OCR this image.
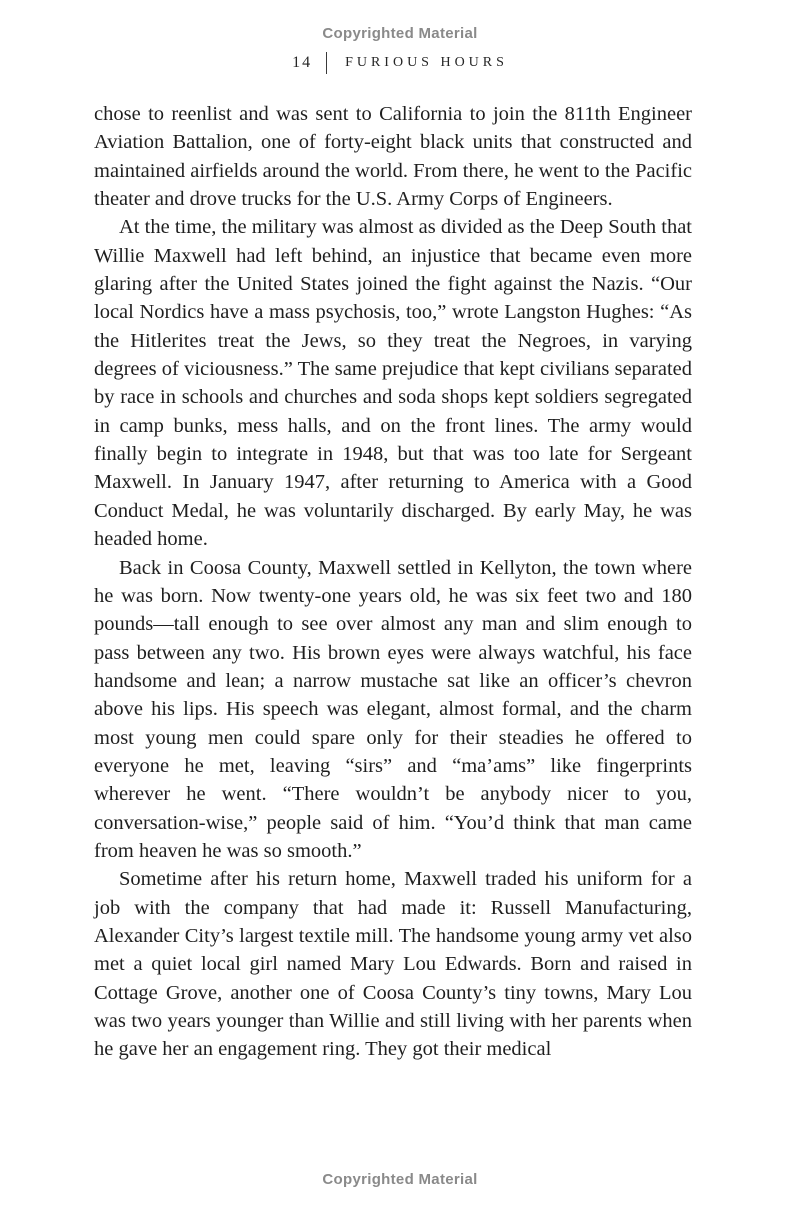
Copyrighted Material
14 FURIOUS HOURS

chose to reenlist and was sent to California to join the 811th Engineer Aviation Battalion, one of forty-eight black units that constructed and maintained airfields around the world. From there, he went to the Pacific theater and drove trucks for the U.S. Army Corps of Engineers.

At the time, the military was almost as divided as the Deep South that Willie Maxwell had left behind, an injustice that became even more glaring after the United States joined the fight against the Nazis. “Our local Nordics have a mass psychosis, too,” wrote Langston Hughes: “As the Hitlerites treat the Jews, so they treat the Negroes, in varying degrees of viciousness.” The same prejudice that kept civilians separated by race in schools and churches and soda shops kept soldiers segregated in camp bunks, mess halls, and on the front lines. The army would finally begin to integrate in 1948, but that was too late for Sergeant Maxwell. In January 1947, after returning to America with a Good Conduct Medal, he was voluntarily discharged. By early May, he was headed home.

Back in Coosa County, Maxwell settled in Kellyton, the town where he was born. Now twenty-one years old, he was six feet two and 180 pounds—tall enough to see over almost any man and slim enough to pass between any two. His brown eyes were always watchful, his face handsome and lean; a narrow mustache sat like an officer’s chevron above his lips. His speech was elegant, almost formal, and the charm most young men could spare only for their steadies he offered to everyone he met, leaving “sirs” and “ma’ams” like fingerprints wherever he went. “There wouldn’t be anybody nicer to you, conversation-wise,” people said of him. “You’d think that man came from heaven he was so smooth.”

Sometime after his return home, Maxwell traded his uniform for a job with the company that had made it: Russell Manufacturing, Alexander City’s largest textile mill. The handsome young army vet also met a quiet local girl named Mary Lou Edwards. Born and raised in Cottage Grove, another one of Coosa County’s tiny towns, Mary Lou was two years younger than Willie and still living with her parents when he gave her an engagement ring. They got their medical

Copyrighted Material
